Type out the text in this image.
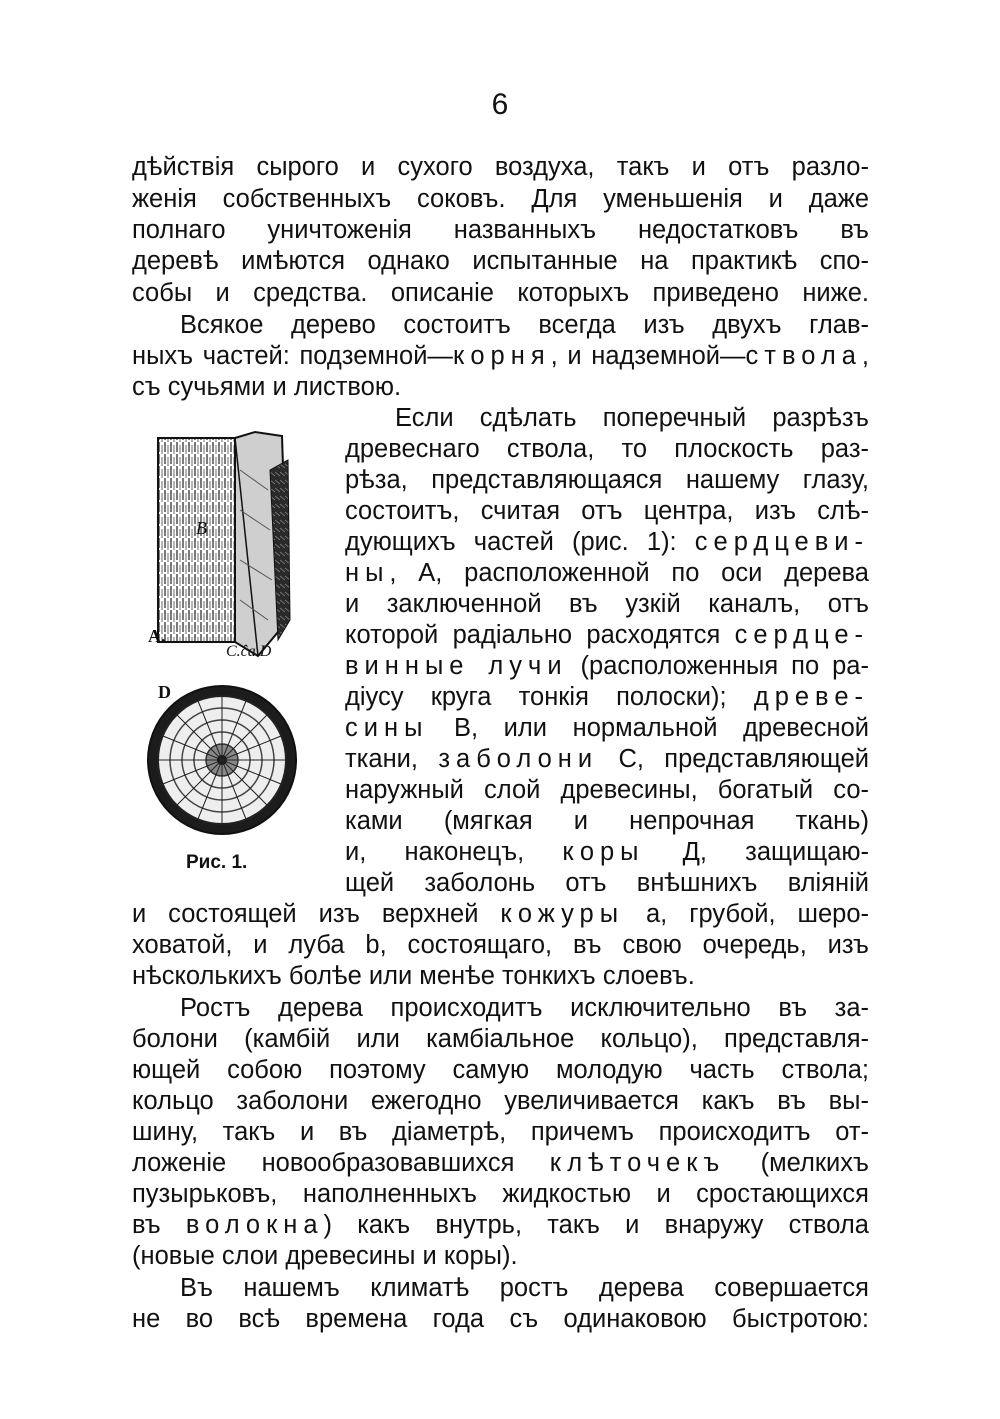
6
дѣйствія сырого и сухого воздуха, такъ и отъ разло-
женія собственныхъ соковъ. Для уменьшенія и даже
полнаго уничтоженія названныхъ недостатковъ въ
деревѣ имѣются однако испытанные на практикѣ спо-
собы и средства. описаніе которыхъ приведено ниже.
Всякое дерево состоитъ всегда изъ двухъ глав-
ныхъ частей: подземной—корня, и надземной—ствола,
съ сучьями и листвою.
B
A.
C.ĉa D
D
Рис. 1.
Если сдѣлать поперечный разрѣзъ
древеснаго ствола, то плоскость раз-
рѣза, представляющаяся нашему глазу,
состоитъ, считая отъ центра, изъ слѣ-
дующихъ частей (рис. 1): сердцеви-
ны, А, расположенной по оси дерева
и заключенной въ узкій каналъ, отъ
которой радіально расходятся сердце-
винные лучи (расположенныя по ра-
діусу круга тонкія полоски); древе-
сины В, или нормальной древесной
ткани, заболони С, представляющей
наружный слой древесины, богатый со-
ками (мягкая и непрочная ткань)
и, наконецъ, коры Д, защищаю-
щей заболонь отъ внѣшнихъ вліяній
и состоящей изъ верхней кожуры а, грубой, шеро-
ховатой, и луба b, состоящаго, въ свою очередь, изъ
нѣсколькихъ болѣе или менѣе тонкихъ слоевъ.
Ростъ дерева происходитъ исключительно въ за-
болони (камбій или камбіальное кольцо), представля-
ющей собою поэтому самую молодую часть ствола;
кольцо заболони ежегодно увеличивается какъ въ вы-
шину, такъ и въ діаметрѣ, причемъ происходитъ от-
ложеніе новообразовавшихся клѣточекъ (мелкихъ
пузырьковъ, наполненныхъ жидкостью и сростающихся
въ волокна) какъ внутрь, такъ и внаружу ствола
(новые слои древесины и коры).
Въ нашемъ климатѣ ростъ дерева совершается
не во всѣ времена года съ одинаковою быстротою:
